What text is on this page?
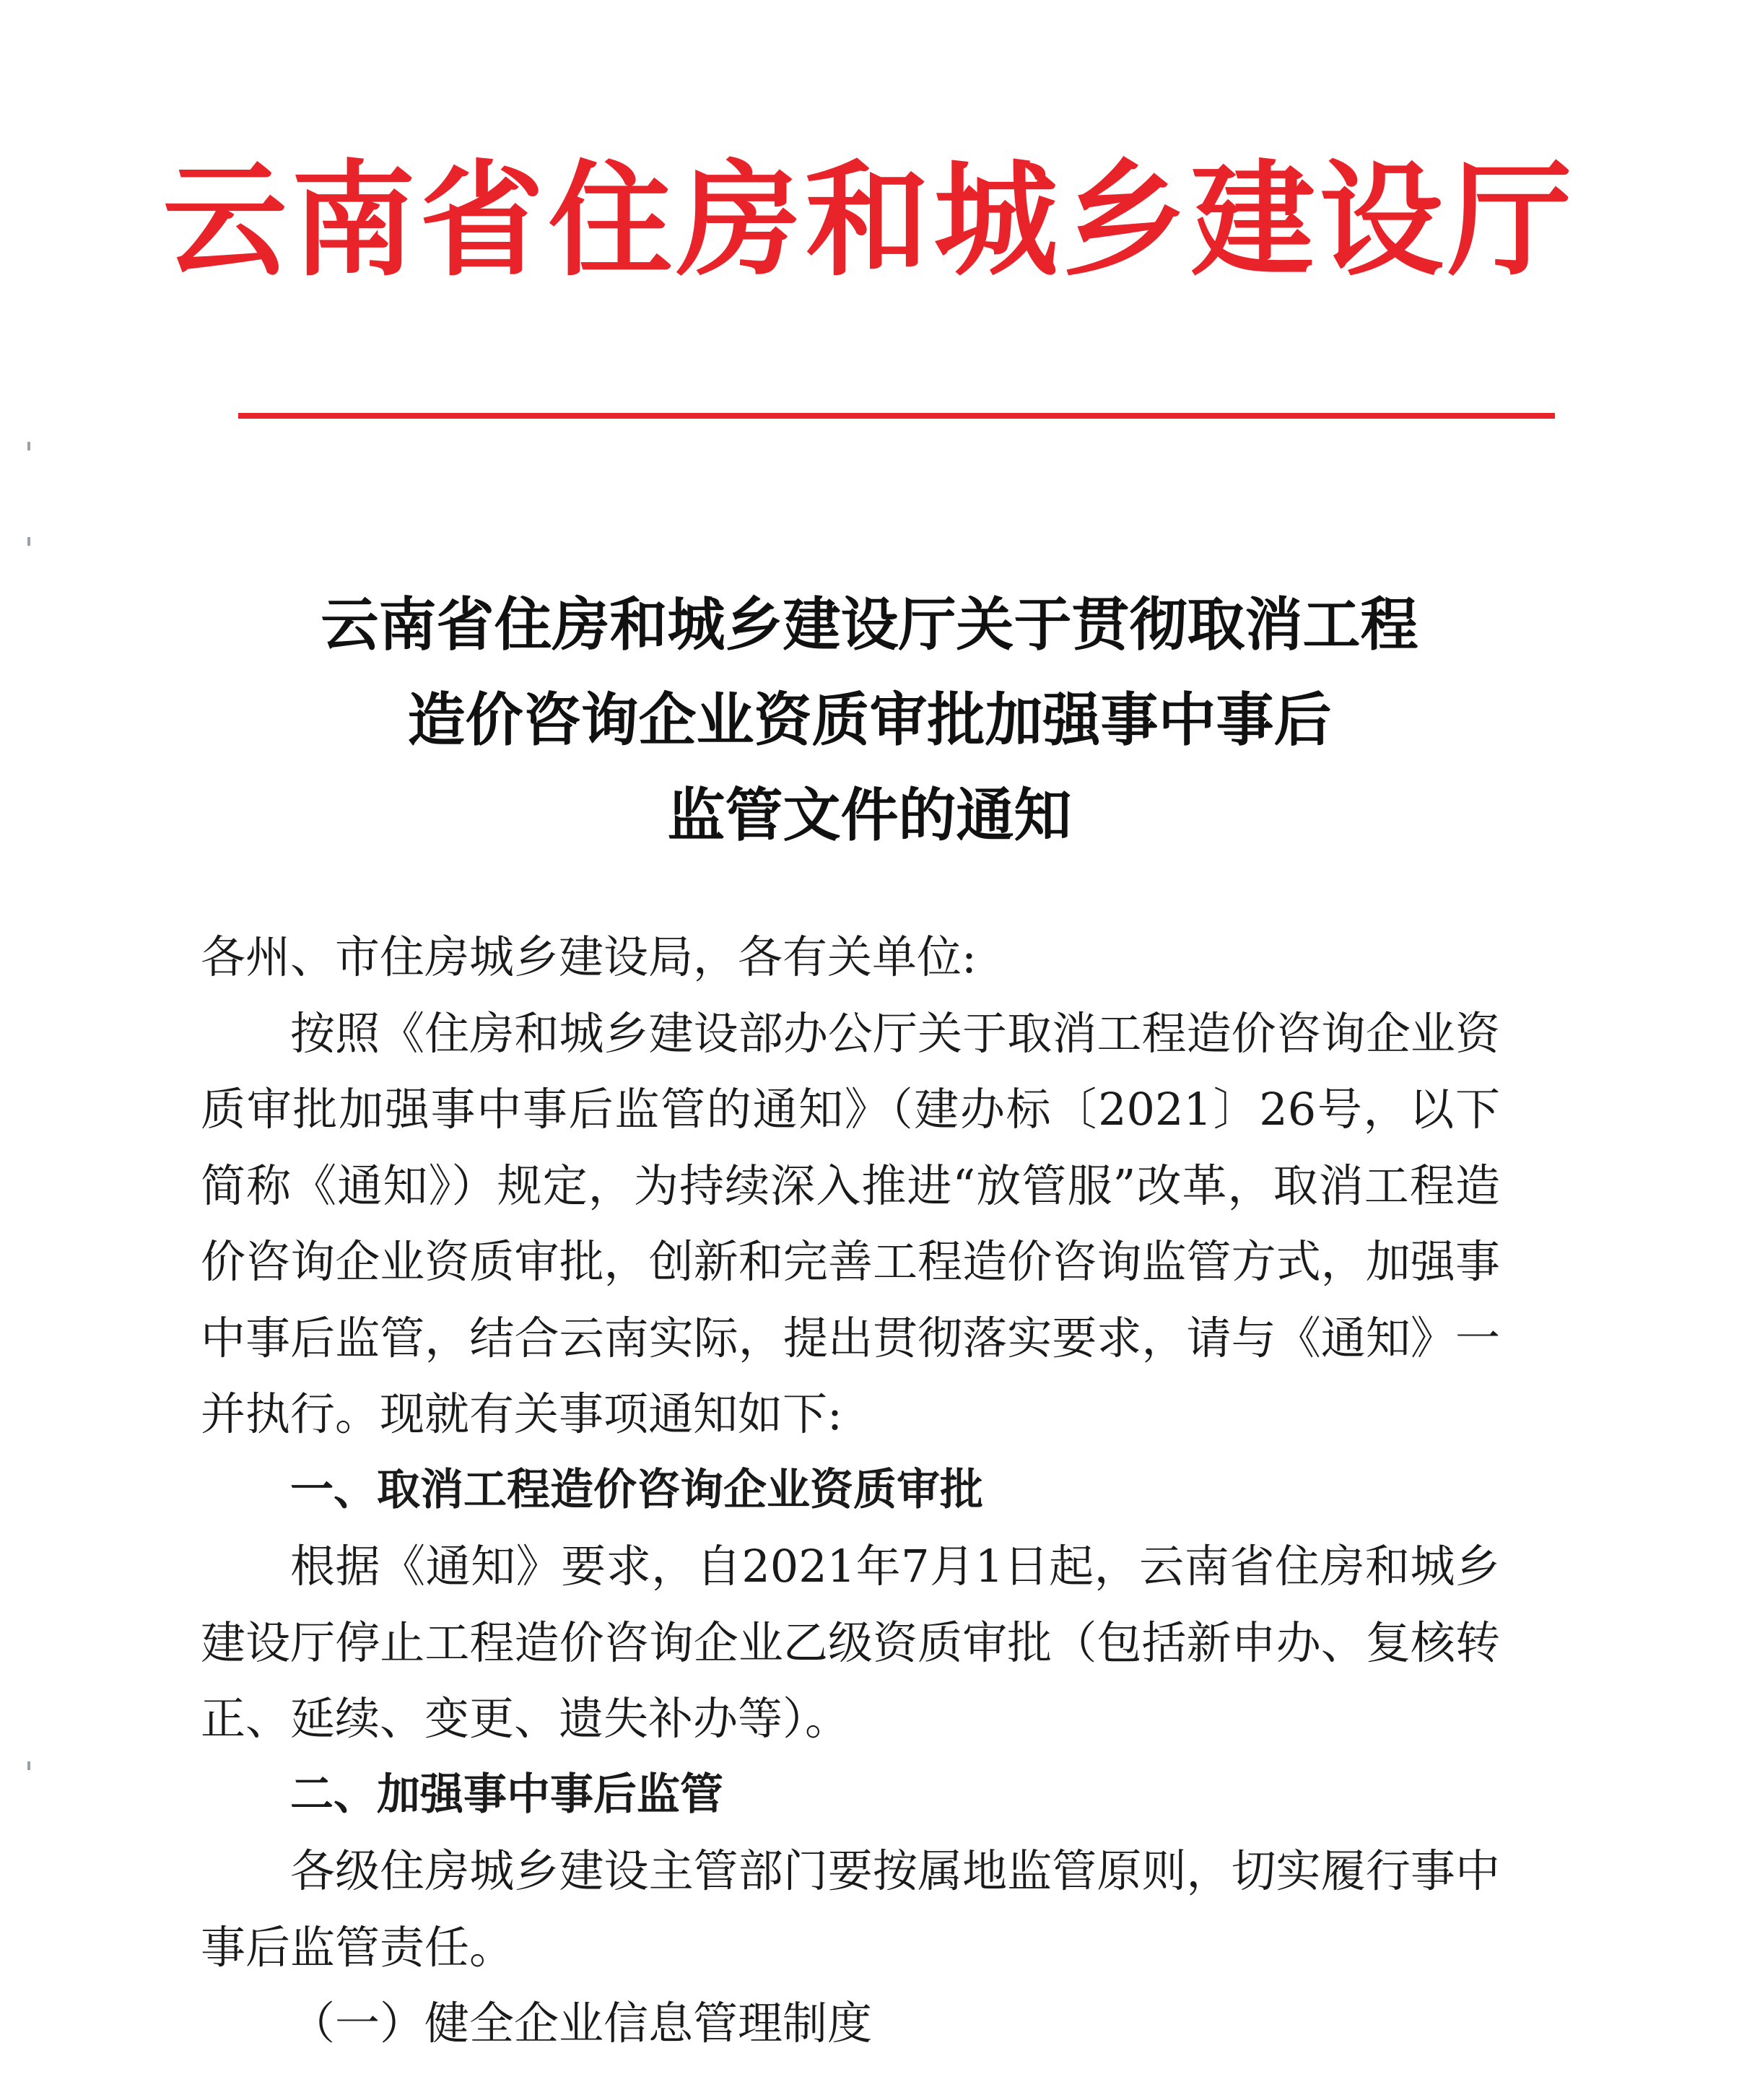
云南省住房和城乡建设厅
云南省住房和城乡建设厅关于贯彻取消工程
造价咨询企业资质审批加强事中事后
监管文件的通知

各州、市住房城乡建设局，各有关单位:

按照《住房和城乡建设部办公厅关于取消工程造价咨询企业资质审批加强事中事后监管的通知》（建办标〔2021〕26号，以下简称《通知》）规定，为持续深入推进“放管服”改革，取消工程造价咨询企业资质审批，创新和完善工程造价咨询监管方式，加强事中事后监管，结合云南实际，提出贯彻落实要求，请与《通知》一并执行。现就有关事项通知如下:

一、取消工程造价咨询企业资质审批

根据《通知》要求，自2021年7月1日起，云南省住房和城乡建设厅停止工程造价咨询企业乙级资质审批（包括新申办、复核转正、延续、变更、遗失补办等）。

二、加强事中事后监管

各级住房城乡建设主管部门要按属地监管原则，切实履行事中事后监管责任。

（一）健全企业信息管理制度
